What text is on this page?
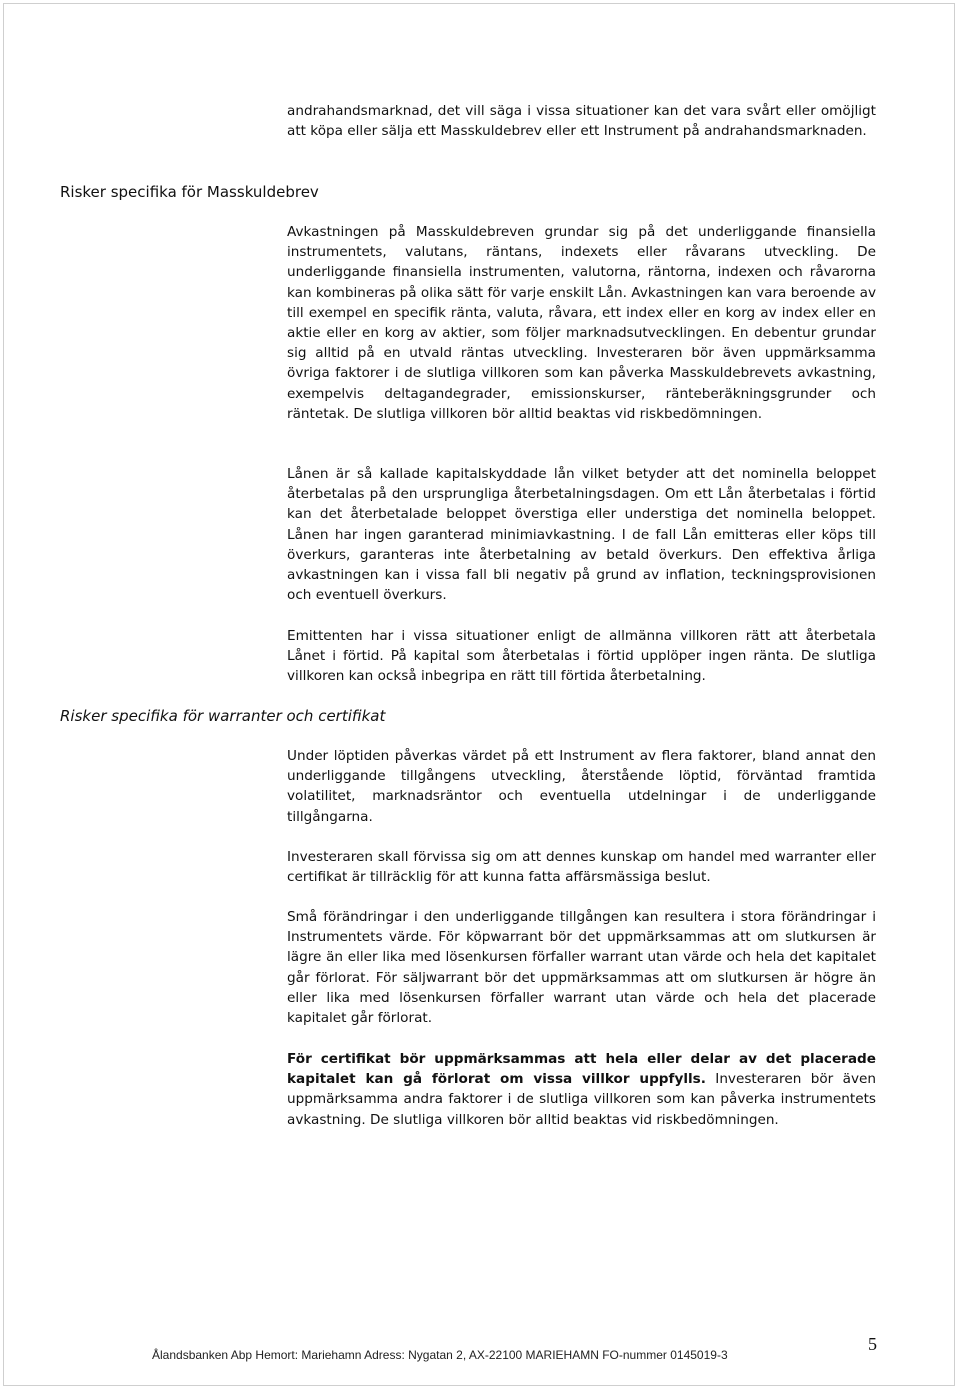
Risker specifika för Masskuldebrev
Risker specifika för warranter och certifikat

andrahandsmarknad, det vill säga i vissa situationer kan det vara svårt eller omöjligt att köpa eller sälja ett Masskuldebrev eller ett Instrument på andrahandsmarknaden.

Avkastningen på Masskuldebreven grundar sig på det underliggande finansiella instrumentets, valutans, räntans, indexets eller råvarans utveckling. De underliggande finansiella instrumenten, valutorna, räntorna, indexen och råvarorna kan kombineras på olika sätt för varje enskilt Lån. Avkastningen kan vara beroende av till exempel en specifik ränta, valuta, råvara, ett index eller en korg av index eller en aktie eller en korg av aktier, som följer marknadsutvecklingen. En debentur grundar sig alltid på en utvald räntas utveckling. Investeraren bör även uppmärksamma övriga faktorer i de slutliga villkoren som kan påverka Masskuldebrevets avkastning, exempelvis deltagandegrader, emissionskurser, ränteberäkningsgrunder och räntetak. De slutliga villkoren bör alltid beaktas vid riskbedömningen.

Lånen är så kallade kapitalskyddade lån vilket betyder att det nominella beloppet återbetalas på den ursprungliga återbetalningsdagen. Om ett Lån återbetalas i förtid kan det återbetalade beloppet överstiga eller understiga det nominella beloppet. Lånen har ingen garanterad minimiavkastning. I de fall Lån emitteras eller köps till överkurs, garanteras inte återbetalning av betald överkurs. Den effektiva årliga avkastningen kan i vissa fall bli negativ på grund av inflation, teckningsprovisionen och eventuell överkurs.

Emittenten har i vissa situationer enligt de allmänna villkoren rätt att återbetala Lånet i förtid. På kapital som återbetalas i förtid upplöper ingen ränta. De slutliga villkoren kan också inbegripa en rätt till förtida återbetalning.

Under löptiden påverkas värdet på ett Instrument av flera faktorer, bland annat den underliggande tillgångens utveckling, återstående löptid, förväntad framtida volatilitet, marknadsräntor och eventuella utdelningar i de underliggande tillgångarna.

Investeraren skall förvissa sig om att dennes kunskap om handel med warranter eller certifikat är tillräcklig för att kunna fatta affärsmässiga beslut.

Små förändringar i den underliggande tillgången kan resultera i stora förändringar i Instrumentets värde. För köpwarrant bör det uppmärksammas att om slutkursen är lägre än eller lika med lösenkursen förfaller warrant utan värde och hela det kapitalet går förlorat. För säljwarrant bör det uppmärksammas att om slutkursen är högre än eller lika med lösenkursen förfaller warrant utan värde och hela det placerade kapitalet går förlorat.

För certifikat bör uppmärksammas att hela eller delar av det placerade kapitalet kan gå förlorat om vissa villkor uppfylls. Investeraren bör även uppmärksamma andra faktorer i de slutliga villkoren som kan påverka instrumentets avkastning. De slutliga villkoren bör alltid beaktas vid riskbedömningen.

5
Ålandsbanken Abp Hemort: Mariehamn Adress: Nygatan 2, AX-22100 MARIEHAMN FO-nummer 0145019-3
